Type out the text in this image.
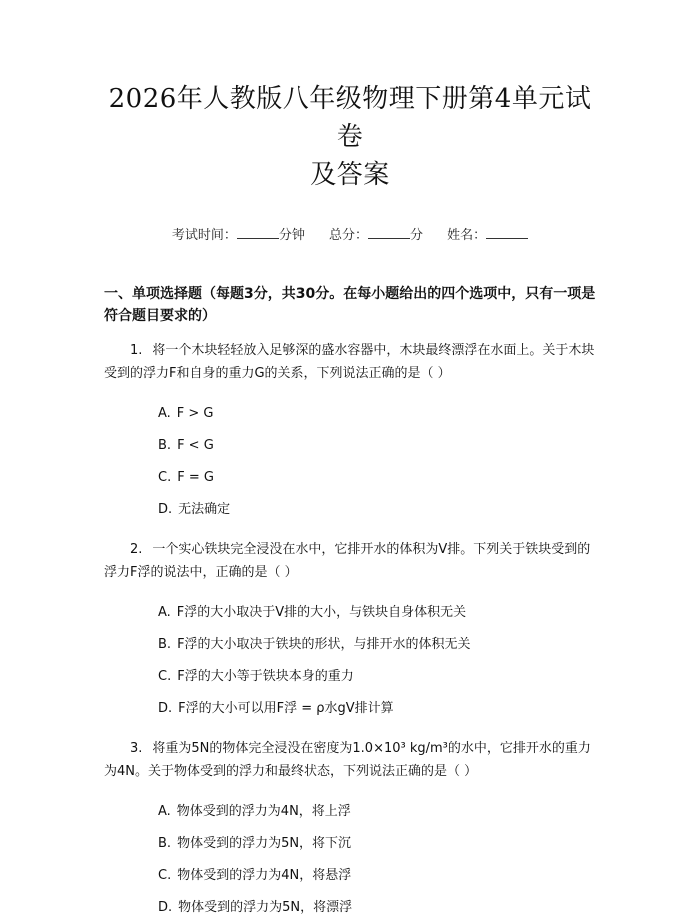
2026年人教版八年级物理下册第4单元试卷
及答案
考试时间：	分钟 总分：	分 姓名：
一、单项选择题（每题3分，共30分。在每小题给出的四个选项中，只有一项是符合题目要求的）

1. 将一个木块轻轻放入足够深的盛水容器中，木块最终漂浮在水面上。关于木块受到的浮力F和自身的重力G的关系，下列说法正确的是（ ）

A. F > G
B. F < G
C. F = G
D. 无法确定

2. 一个实心铁块完全浸没在水中，它排开水的体积为V排。下列关于铁块受到的浮力F浮的说法中，正确的是（ ）

A. F浮的大小取决于V排的大小，与铁块自身体积无关
B. F浮的大小取决于铁块的形状，与排开水的体积无关
C. F浮的大小等于铁块本身的重力
D. F浮的大小可以用F浮 = ρ水gV排计算

3. 将重为5N的物体完全浸没在密度为1.0×10³ kg/m³的水中，它排开水的重力为4N。关于物体受到的浮力和最终状态，下列说法正确的是（ ）

A. 物体受到的浮力为4N，将上浮
B. 物体受到的浮力为5N，将下沉
C. 物体受到的浮力为4N，将悬浮
D. 物体受到的浮力为5N，将漂浮
